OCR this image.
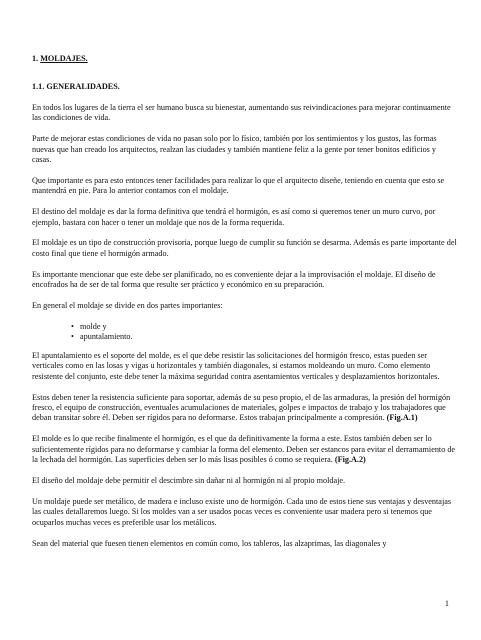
1. MOLDAJES.
1.1. GENERALIDADES.

En todos los lugares de la tierra el ser humano busca su bienestar, aumentando sus reivindicaciones para mejorar continuamente las condiciones de vida.

Parte de mejorar estas condiciones de vida no pasan solo por lo físico, también por los sentimientos y los gustos, las formas nuevas que han creado los arquitectos, realzan las ciudades y también mantiene feliz a la gente por tener bonitos edificios y casas.

Que importante es para esto entonces tener facilidades para realizar lo que el arquitecto diseñe, teniendo en cuenta que esto se mantendrá en pie. Para lo anterior contamos con el moldaje.

El destino del moldaje es dar la forma definitiva que tendrá el hormigón, es así como si queremos tener un muro curvo, por ejemplo, bastara con hacer o tener un moldaje que nos de la forma requerida.

El moldaje es un tipo de construcción provisoria, porque luego de cumplir su función se desarma. Además es parte importante del costo final que tiene el hormigón armado.

Es importante mencionar que este debe ser planificado, no es conveniente dejar a la improvisación el moldaje. El diseño de encofrados ha de ser de tal forma que resulte ser práctico y económico en su preparación.

En general el moldaje se divide en dos partes importantes:

• molde y
• apuntalamiento.

El apuntalamiento es el soporte del molde, es el que debe resistir las solicitaciones del hormigón fresco, estas pueden ser verticales como en las losas y vigas u horizontales y también diagonales, si estamos moldeando un muro. Como elemento resistente del conjunto, este debe tener la máxima seguridad contra asentamientos verticales y desplazamientos horizontales.

Estos deben tener la resistencia suficiente para soportar, además de su peso propio, el de las armaduras, la presión del hormigón fresco, el equipo de construcción, eventuales acumulaciones de materiales, golpes e impactos de trabajo y los trabajadores que deban transitar sobre él. Deben ser rígidos para no deformarse. Estos trabajan principalmente a compresión. (Fig.A.1)

El molde es lo que recibe finalmente el hormigón, es el que da definitivamente la forma a este. Estos también deben ser lo suficientemente rígidos para no deformarse y cambiar la forma del elemento. Deben ser estancos para evitar el derramamiento de la lechada del hormigón. Las superficies deben ser lo más lisas posibles ó como se requiera. (Fig.A.2)

El diseño del moldaje debe permitir el descimbre sin dañar ni al hormigón ni al propio moldaje.

Un moldaje puede ser metálico, de madera e incluso existe uno de hormigón. Cada uno de estos tiene sus ventajas y desventajas las cuales detallaremos luego. Si los moldes van a ser usados pocas veces es conveniente usar madera pero si tenemos que ocuparlos muchas veces es preferible usar los metálicos.

Sean del material que fuesen tienen elementos en común como, los tableros, las alzaprimas, las diagonales y

1
